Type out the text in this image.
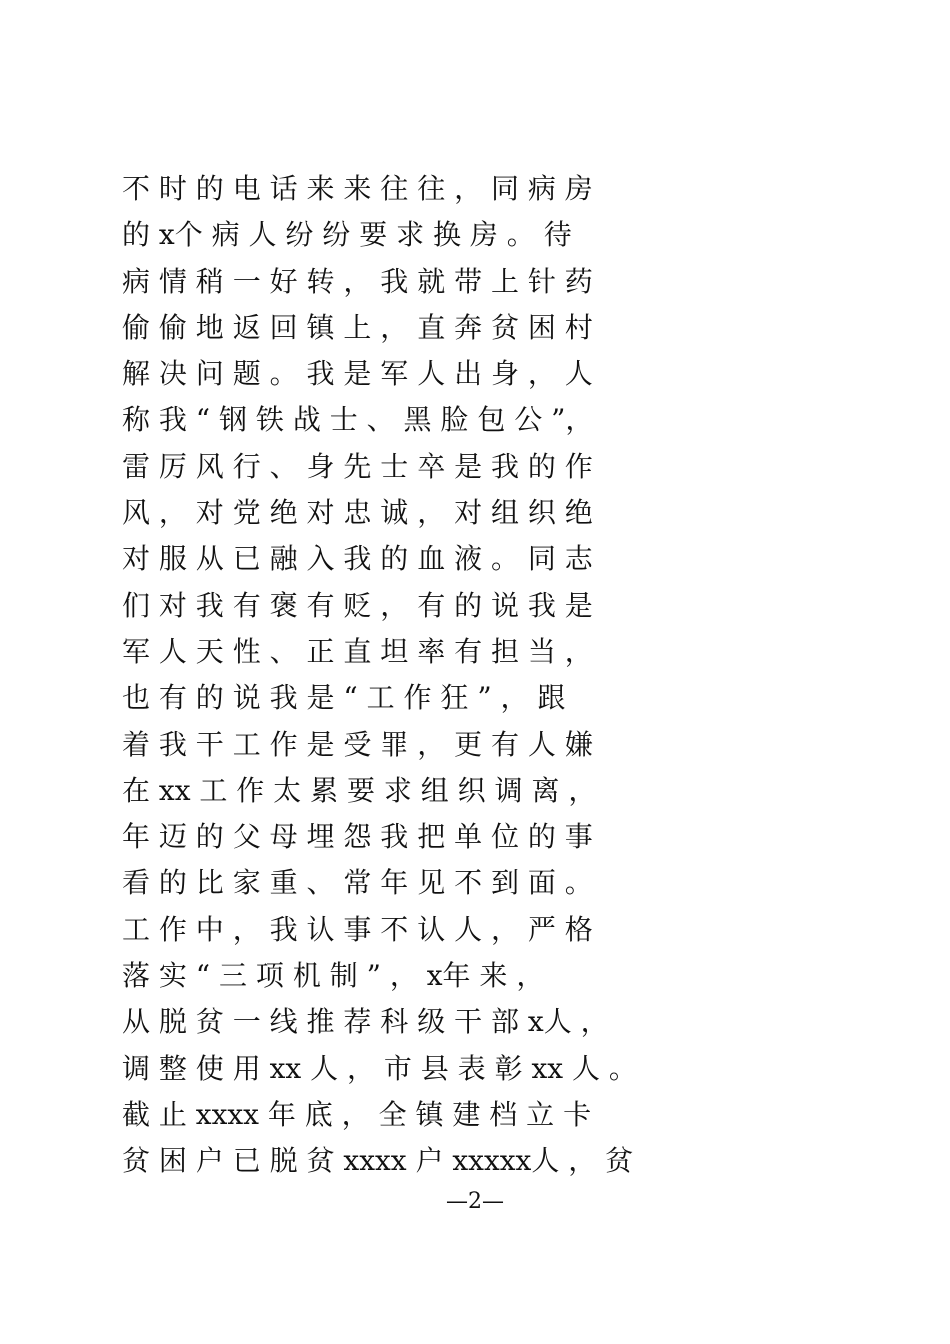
不 时 的 电 话 来 来 往 往 ， 同 病 房
的 x个 病 人 纷 纷 要 求 换 房 。 待
病 情 稍 一 好 转 ， 我 就 带 上 针 药
偷 偷 地 返 回 镇 上 ， 直 奔 贫 困 村
解 决 问 题 。 我 是 军 人 出 身 ， 人
称 我 “ 钢 铁 战 士 、 黑 脸 包 公 ”，
雷 厉 风 行 、 身 先 士 卒 是 我 的 作
风 ， 对 党 绝 对 忠 诚 ， 对 组 织 绝
对 服 从 已 融 入 我 的 血 液 。 同 志
们 对 我 有 褒 有 贬 ， 有 的 说 我 是
军 人 天 性 、 正 直 坦 率 有 担 当 ，
也 有 的 说 我 是 “ 工 作 狂 ” ， 跟
着 我 干 工 作 是 受 罪 ， 更 有 人 嫌
在 xx 工 作 太 累 要 求 组 织 调 离 ，
年 迈 的 父 母 埋 怨 我 把 单 位 的 事
看 的 比 家 重 、 常 年 见 不 到 面 。
工 作 中 ， 我 认 事 不 认 人 ， 严 格
落 实 “ 三 项 机 制 ” ， x年 来 ，
从 脱 贫 一 线 推 荐 科 级 干 部 x人 ，
调 整 使 用 xx 人 ， 市 县 表 彰 xx 人 。
截 止 xxxx 年 底 ， 全 镇 建 档 立 卡
贫 困 户 已 脱 贫 xxxx 户 xxxxx人 ， 贫
—2—
